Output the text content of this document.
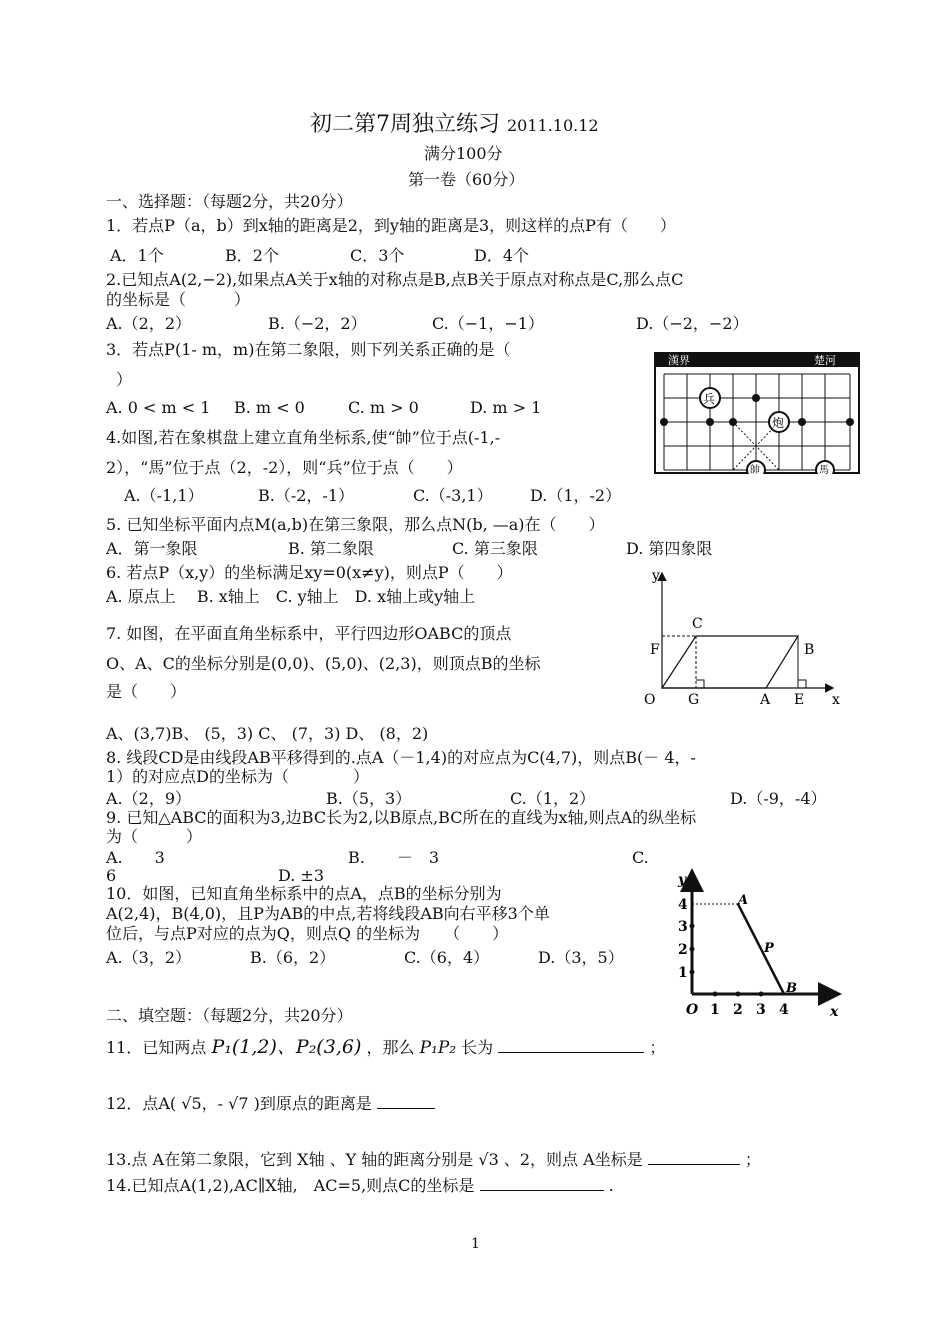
初二第7周独立练习 2011.10.12
满分100分
第一卷（60分）
一、选择题：（每题2分，共20分）
1．若点P（a，b）到x轴的距离是2，到y轴的距离是3，则这样的点P有（　　）
A．1个	B．2个	C．3个	D．4个
2.已知点A(2,−2),如果点A关于x轴的对称点是B,点B关于原点对称点是C,那么点C
的坐标是（　　　）
A.（2，2）	B.（−2，2）	C.（−1，−1）	D.（−2，−2）
3．若点P(1- m，m)在第二象限，则下列关系正确的是（
）
A. 0 < m < 1 B. m < 0	C. m > 0	D. m > 1
漢界	楚河
兵
炮
帥	馬
4.如图,若在象棋盘上建立直角坐标系,使“帥”位于点(-1,-
2），“馬”位于点（2，-2），则“兵”位于点（　　）
A.（-1,1）	B.（-2，-1）	C.（-3,1） D.（1，-2）
5. 已知坐标平面内点M(a,b)在第三象限，那么点N(b, —a)在（　　）
A．第一象限	B. 第二象限	C. 第三象限	D. 第四象限
6. 若点P（x,y）的坐标满足xy=0(x≠y)，则点P（　　）
A. 原点上　 B. x轴上　C. y轴上　D. x轴上或y轴上
y
x
O G	A E
F
C
B
7. 如图，在平面直角坐标系中，平行四边形OABC的顶点
O、A、C的坐标分别是(0,0)、(5,0)、(2,3)，则顶点B的坐标
是（　　）
A、(3,7)B、 (5，3) C、 (7，3) D、 (8，2)
8. 线段CD是由线段AB平移得到的.点A（－1,4)的对应点为C(4,7)，则点B(－ 4，-
1）的对应点D的坐标为（　　　　）
A.（2，9）	B.（5，3）	C.（1，2）	D.（-9，-4）
9. 已知△ABC的面积为3,边BC长为2,以B原点,BC所在的直线为x轴,则点A的纵坐标
为（　　　）
A.　　3	B.　　－　3	C.
6	D. ±3	y
x
O 1 2 3 4
1
2
3
4	A
P
B
10．如图，已知直角坐标系中的点A，点B的坐标分别为
A(2,4)，B(4,0)，且P为AB的中点,若将线段AB向右平移3个单
位后，与点P对应的点为Q，则点Q 的坐标为　　（　　）
A.（3，2）	B.（6，2）	C.（6，4）	D.（3，5）
二、填空题：（每题2分，共20分）
11．已知两点 P₁(1,2)、P₂(3,6) ，那么 P₁P₂ 长为	；
12．点A( √5，- √7 )到原点的距离是
13.点 A在第二象限，它到 X轴 、Y 轴的距离分别是 √3 、2，则点 A坐标是	；
14.已知点A(1,2),AC∥X轴,　AC=5,则点C的坐标是	.
1
